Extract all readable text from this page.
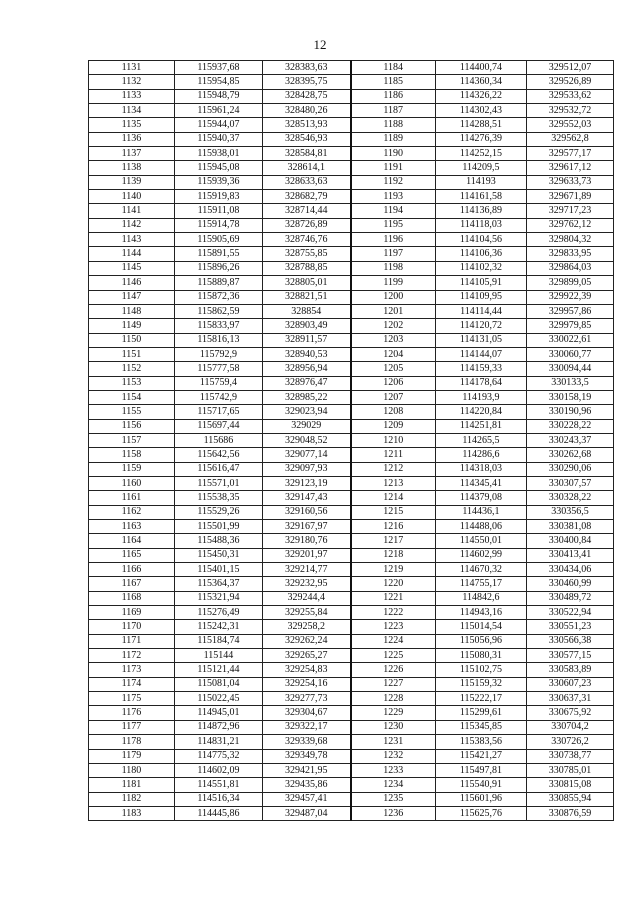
12
1131	115937,68	328383,63	1184	114400,74	329512,07
1132	115954,85	328395,75	1185	114360,34	329526,89
1133	115948,79	328428,75	1186	114326,22	329533,62
1134	115961,24	328480,26	1187	114302,43	329532,72
1135	115944,07	328513,93	1188	114288,51	329552,03
1136	115940,37	328546,93	1189	114276,39	329562,8
1137	115938,01	328584,81	1190	114252,15	329577,17
1138	115945,08	328614,1	1191	114209,5	329617,12
1139	115939,36	328633,63	1192	114193	329633,73
1140	115919,83	328682,79	1193	114161,58	329671,89
1141	115911,08	328714,44	1194	114136,89	329717,23
1142	115914,78	328726,89	1195	114118,03	329762,12
1143	115905,69	328746,76	1196	114104,56	329804,32
1144	115891,55	328755,85	1197	114106,36	329833,95
1145	115896,26	328788,85	1198	114102,32	329864,03
1146	115889,87	328805,01	1199	114105,91	329899,05
1147	115872,36	328821,51	1200	114109,95	329922,39
1148	115862,59	328854	1201	114114,44	329957,86
1149	115833,97	328903,49	1202	114120,72	329979,85
1150	115816,13	328911,57	1203	114131,05	330022,61
1151	115792,9	328940,53	1204	114144,07	330060,77
1152	115777,58	328956,94	1205	114159,33	330094,44
1153	115759,4	328976,47	1206	114178,64	330133,5
1154	115742,9	328985,22	1207	114193,9	330158,19
1155	115717,65	329023,94	1208	114220,84	330190,96
1156	115697,44	329029	1209	114251,81	330228,22
1157	115686	329048,52	1210	114265,5	330243,37
1158	115642,56	329077,14	1211	114286,6	330262,68
1159	115616,47	329097,93	1212	114318,03	330290,06
1160	115571,01	329123,19	1213	114345,41	330307,57
1161	115538,35	329147,43	1214	114379,08	330328,22
1162	115529,26	329160,56	1215	114436,1	330356,5
1163	115501,99	329167,97	1216	114488,06	330381,08
1164	115488,36	329180,76	1217	114550,01	330400,84
1165	115450,31	329201,97	1218	114602,99	330413,41
1166	115401,15	329214,77	1219	114670,32	330434,06
1167	115364,37	329232,95	1220	114755,17	330460,99
1168	115321,94	329244,4	1221	114842,6	330489,72
1169	115276,49	329255,84	1222	114943,16	330522,94
1170	115242,31	329258,2	1223	115014,54	330551,23
1171	115184,74	329262,24	1224	115056,96	330566,38
1172	115144	329265,27	1225	115080,31	330577,15
1173	115121,44	329254,83	1226	115102,75	330583,89
1174	115081,04	329254,16	1227	115159,32	330607,23
1175	115022,45	329277,73	1228	115222,17	330637,31
1176	114945,01	329304,67	1229	115299,61	330675,92
1177	114872,96	329322,17	1230	115345,85	330704,2
1178	114831,21	329339,68	1231	115383,56	330726,2
1179	114775,32	329349,78	1232	115421,27	330738,77
1180	114602,09	329421,95	1233	115497,81	330785,01
1181	114551,81	329435,86	1234	115540,91	330815,08
1182	114516,34	329457,41	1235	115601,96	330855,94
1183	114445,86	329487,04	1236	115625,76	330876,59
